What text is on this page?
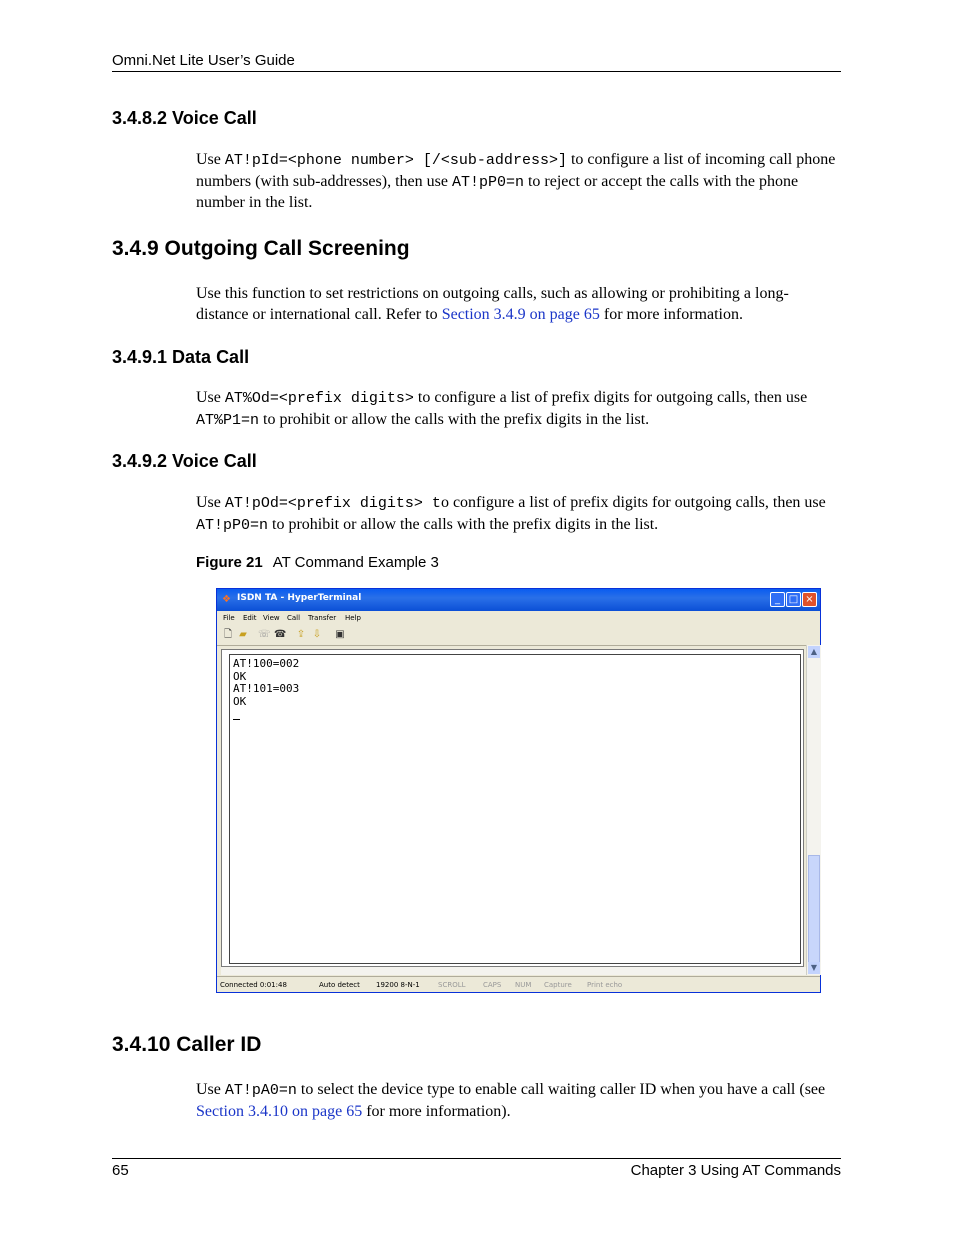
Omni.Net Lite User’s Guide
3.4.8.2 Voice Call
Use AT!pId=<phone number> [/<sub-address>] to configure a list of incoming call phone numbers (with sub-addresses), then use AT!pP0=n to reject or accept the calls with the phone number in the list.
3.4.9 Outgoing Call Screening
Use this function to set restrictions on outgoing calls, such as allowing or prohibiting a long-distance or international call. Refer to Section 3.4.9 on page 65 for more information.
3.4.9.1 Data Call
Use AT%Od=<prefix digits> to configure a list of prefix digits for outgoing calls, then use AT%P1=n to prohibit or allow the calls with the prefix digits in the list.
3.4.9.2 Voice Call
Use AT!pOd=<prefix digits> to configure a list of prefix digits for outgoing calls, then use AT!pP0=n to prohibit or allow the calls with the prefix digits in the list.
Figure 21 AT Command Example 3
❖ ISDN TA - HyperTerminal	_ □ ×
File Edit View Call Transfer Help
🗋 ▰ ☏ ☎ ⇪ ⇩ ▣
AT!100=002
OK
AT!101=003
OK
▲
▼
Connected 0:01:48	Auto detect 19200 8-N-1	SCROLL CAPS NUM Capture Print echo
3.4.10 Caller ID
Use AT!pA0=n to select the device type to enable call waiting caller ID when you have a call (see Section 3.4.10 on page 65 for more information).
65	Chapter 3 Using AT Commands
